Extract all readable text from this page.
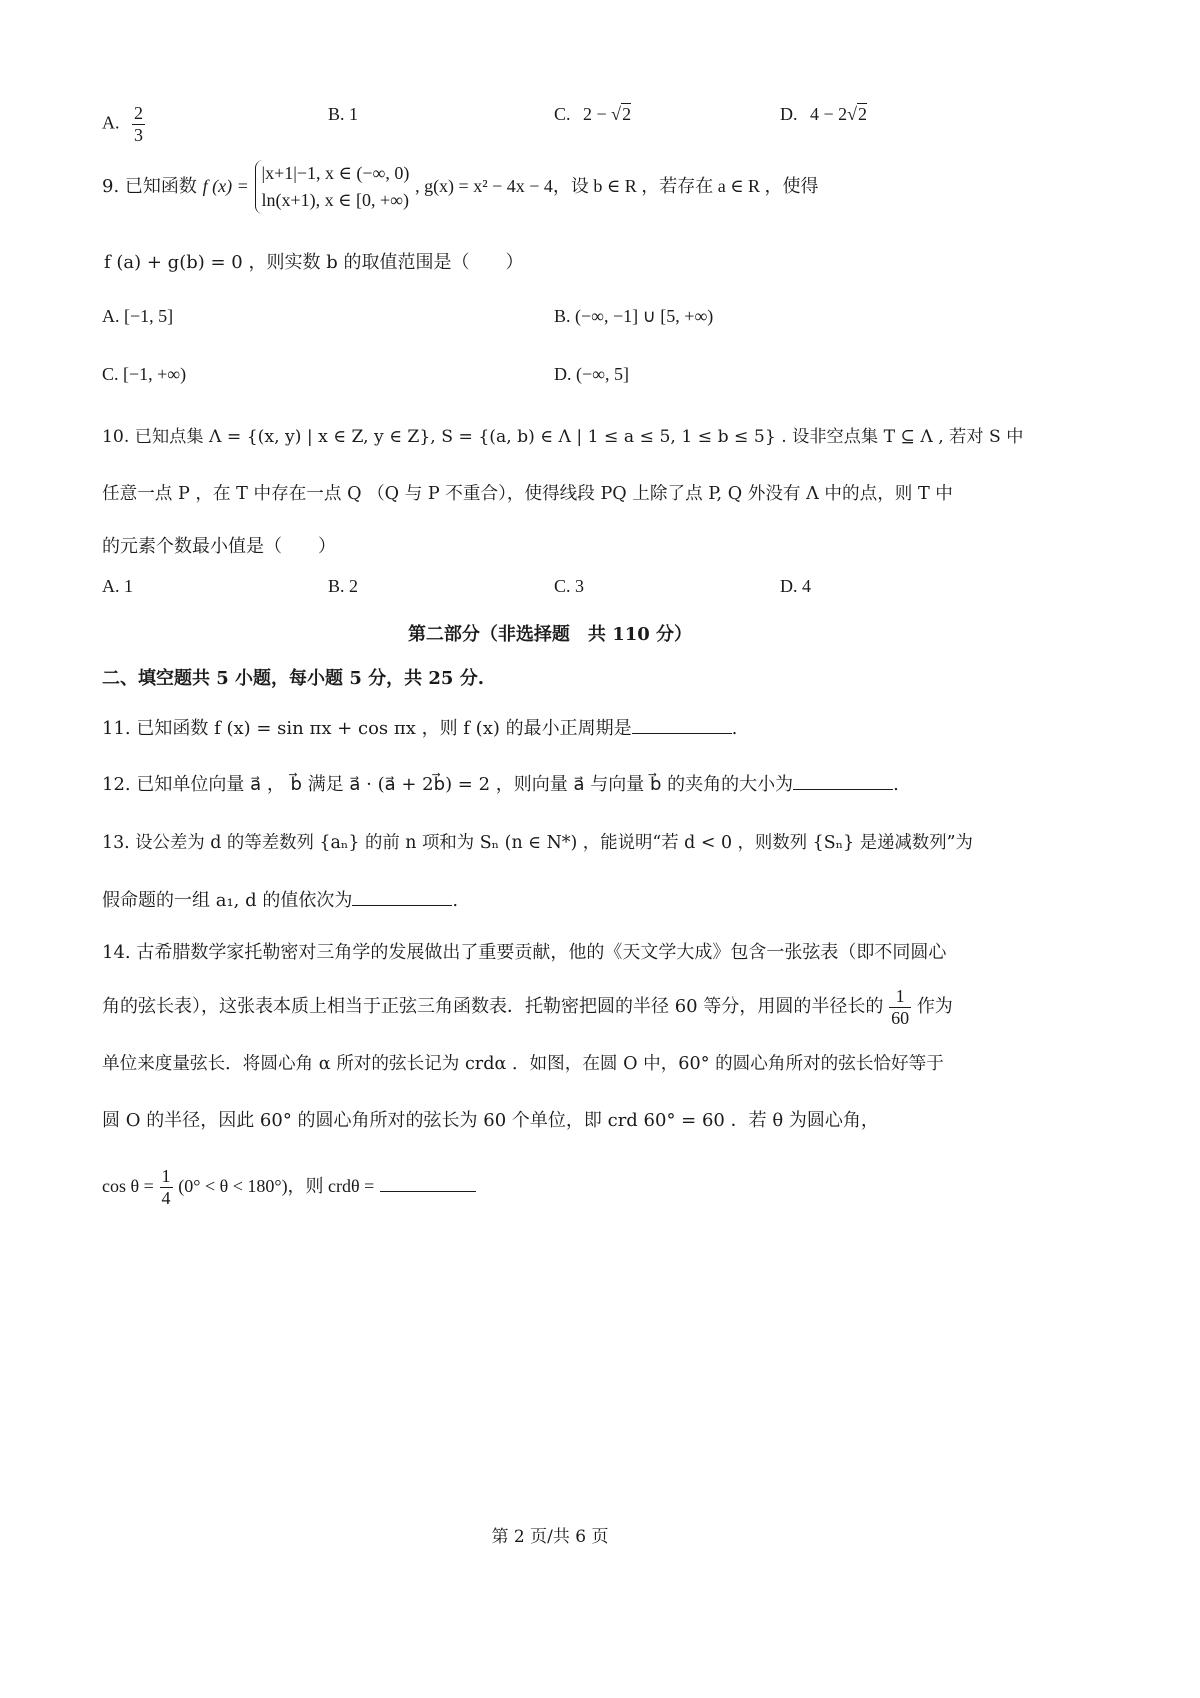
A. $\frac{2}{3}$	B. 1	C. 2 − √2	D. 4 − 2√2
9. 已知函数 f (x) =
|x+1|−1, x ∈ (−∞, 0)
ln(x+1), x ∈ [0, +∞)
, g(x) = x² − 4x − 4，设 b ∈ R ，若存在 a ∈ R ，使得
f (a) + g(b) = 0 ，则实数 b 的取值范围是（　　）
A. [−1, 5]	B. (−∞, −1] ∪ [5, +∞)
C. [−1, +∞)	D. (−∞, 5]
10. 已知点集 Λ = {(x, y) | x ∈ Z, y ∈ Z}, S = {(a, b) ∈ Λ | 1 ≤ a ≤ 5, 1 ≤ b ≤ 5} . 设非空点集 T ⊆ Λ , 若对 S 中
任意一点 P ，在 T 中存在一点 Q （Q 与 P 不重合），使得线段 PQ 上除了点 P, Q 外没有 Λ 中的点，则 T 中
的元素个数最小值是（　　）
A. 1	B. 2	C. 3	D. 4
第二部分（非选择题　共 110 分）
二、填空题共 5 小题，每小题 5 分，共 25 分.
11. 已知函数 f (x) = sin πx + cos πx ，则 f (x) 的最小正周期是	.
12. 已知单位向量 a⃗ ， b⃗ 满足 a⃗ · (a⃗ + 2b⃗) = 2 ，则向量 a⃗ 与向量 b⃗ 的夹角的大小为	.
13. 设公差为 d 的等差数列 {aₙ} 的前 n 项和为 Sₙ (n ∈ N*) ，能说明“若 d < 0 ，则数列 {Sₙ} 是递减数列”为
假命题的一组 a₁, d 的值依次为	.
14. 古希腊数学家托勒密对三角学的发展做出了重要贡献，他的《天文学大成》包含一张弦表（即不同圆心
角的弦长表），这张表本质上相当于正弦三角函数表．托勒密把圆的半径 60 等分，用圆的半径长的 $\frac{1}{60}$ 作为
单位来度量弦长．将圆心角 α 所对的弦长记为 crdα ．如图，在圆 O 中，60° 的圆心角所对的弦长恰好等于
圆 O 的半径，因此 60° 的圆心角所对的弦长为 60 个单位，即 crd 60° = 60 ．若 θ 为圆心角，
$\cos \theta = \frac{1}{4} (0^\circ < \theta < 180^\circ)$，则 crdθ =
第 2 页/共 6 页
